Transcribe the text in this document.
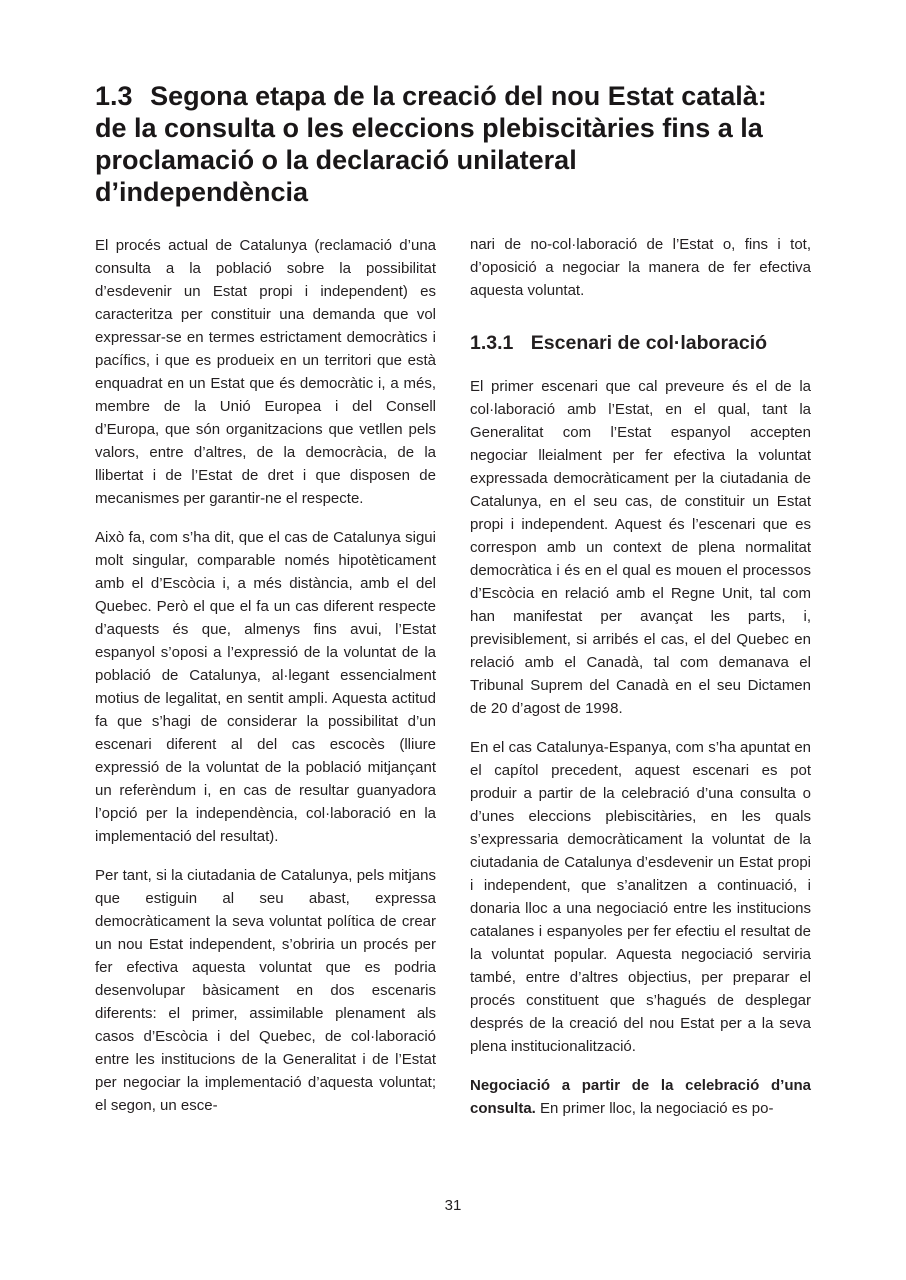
1.3 Segona etapa de la creació del nou Estat català: de la consulta o les eleccions plebiscitàries fins a la proclamació o la declaració unilateral d’independència

El procés actual de Catalunya (reclamació d’una consulta a la població sobre la possibilitat d’esdevenir un Estat propi i independent) es caracteritza per constituir una demanda que vol expressar-se en termes estrictament democràtics i pacífics, i que es produeix en un territori que està enquadrat en un Estat que és democràtic i, a més, membre de la Unió Europea i del Consell d’Europa, que són organitzacions que vetllen pels valors, entre d’altres, de la democràcia, de la llibertat i de l’Estat de dret i que disposen de mecanismes per garantir-ne el respecte.

Això fa, com s’ha dit, que el cas de Catalunya sigui molt singular, comparable només hipotèticament amb el d’Escòcia i, a més distància, amb el del Quebec. Però el que el fa un cas diferent respecte d’aquests és que, almenys fins avui, l’Estat espanyol s’oposi a l’expressió de la voluntat de la població de Catalunya, al·legant essencialment motius de legalitat, en sentit ampli. Aquesta actitud fa que s’hagi de considerar la possibilitat d’un escenari diferent al del cas escocès (lliure expressió de la voluntat de la població mitjançant un referèndum i, en cas de resultar guanyadora l’opció per la independència, col·laboració en la implementació del resultat).

Per tant, si la ciutadania de Catalunya, pels mitjans que estiguin al seu abast, expressa democràticament la seva voluntat política de crear un nou Estat independent, s’obriria un procés per fer efectiva aquesta voluntat que es podria desenvolupar bàsicament en dos escenaris diferents: el primer, assimilable plenament als casos d’Escòcia i del Quebec, de col·laboració entre les institucions de la Generalitat i de l’Estat per negociar la implementació d’aquesta voluntat; el segon, un esce-

nari de no-col·laboració de l’Estat o, fins i tot, d’oposició a negociar la manera de fer efectiva aquesta voluntat.

1.3.1 Escenari de col·laboració

El primer escenari que cal preveure és el de la col·laboració amb l’Estat, en el qual, tant la Generalitat com l’Estat espanyol accepten negociar lleialment per fer efectiva la voluntat expressada democràticament per la ciutadania de Catalunya, en el seu cas, de constituir un Estat propi i independent. Aquest és l’escenari que es correspon amb un context de plena normalitat democràtica i és en el qual es mouen el processos d’Escòcia en relació amb el Regne Unit, tal com han manifestat per avançat les parts, i, previsiblement, si arribés el cas, el del Quebec en relació amb el Canadà, tal com demanava el Tribunal Suprem del Canadà en el seu Dictamen de 20 d’agost de 1998.

En el cas Catalunya-Espanya, com s’ha apuntat en el capítol precedent, aquest escenari es pot produir a partir de la celebració d’una consulta o d’unes eleccions plebiscitàries, en les quals s’expressaria democràticament la voluntat de la ciutadania de Catalunya d’esdevenir un Estat propi i independent, que s’analitzen a continuació, i donaria lloc a una negociació entre les institucions catalanes i espanyoles per fer efectiu el resultat de la voluntat popular. Aquesta negociació serviria també, entre d’altres objectius, per preparar el procés constituent que s’hagués de desplegar després de la creació del nou Estat per a la seva plena institucionalització.

Negociació a partir de la celebració d’una consulta. En primer lloc, la negociació es po-

31
